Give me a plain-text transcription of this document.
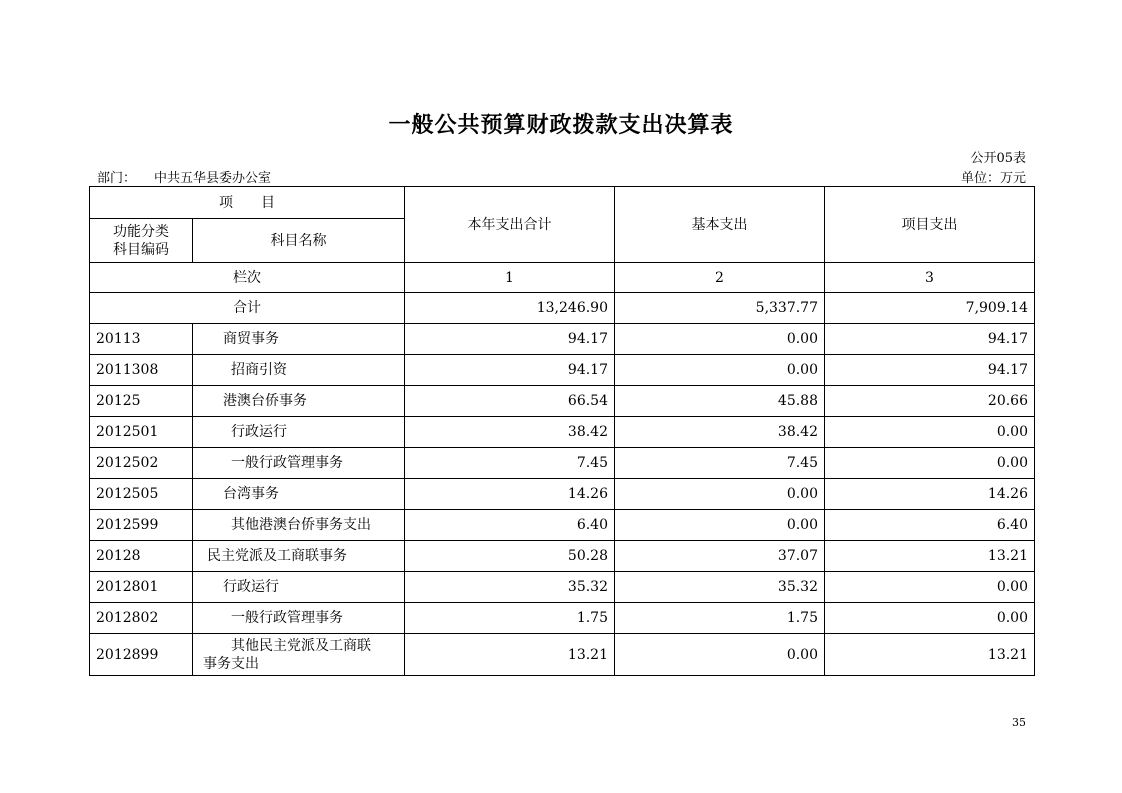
一般公共预算财政拨款支出决算表
公开05表
部门： 中共五华县委办公室	单位：万元
项　　目		本年支出合计	基本支出	项目支出
功能分类
科目编码	科目名称			
栏次		1	2	3
合计		13,246.90	5,337.77	7,909.14
20113	商贸事务	94.17	0.00	94.17
2011308	招商引资	94.17	0.00	94.17
20125	港澳台侨事务	66.54	45.88	20.66
2012501	行政运行	38.42	38.42	0.00
2012502	一般行政管理事务	7.45	7.45	0.00
2012505	台湾事务	14.26	0.00	14.26
2012599	其他港澳台侨事务支出	6.40	0.00	6.40
20128	民主党派及工商联事务	50.28	37.07	13.21
2012801	行政运行	35.32	35.32	0.00
2012802	一般行政管理事务	1.75	1.75	0.00
2012899	其他民主党派及工商联
事务支出	13.21	0.00	13.21
35
